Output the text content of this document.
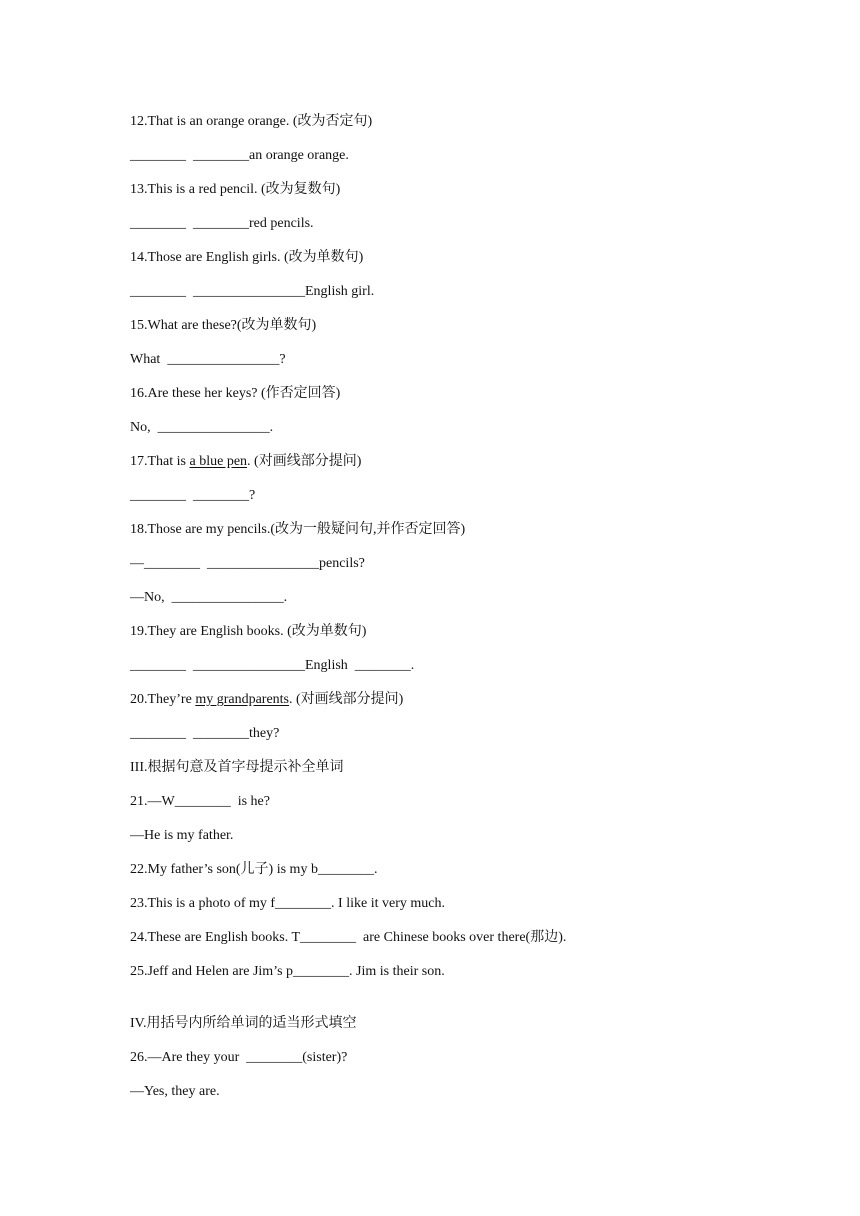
12.That is an orange orange. (改为否定句)
________  ________an orange orange.
13.This is a red pencil. (改为复数句)
________  ________red pencils.
14.Those are English girls. (改为单数句)
________  ________________English girl.
15.What are these?(改为单数句)
What  ________________?
16.Are these her keys? (作否定回答)
No,  ________________.
17.That is a blue pen. (对画线部分提问)
________  ________?
18.Those are my pencils.(改为一般疑问句,并作否定回答)
—________  ________________pencils?
—No,  ________________.
19.They are English books. (改为单数句)
________  ________________English  ________.
20.They’re my grandparents. (对画线部分提问)
________  ________they?
III.根据句意及首字母提示补全单词
21.—W________  is he?
—He is my father.
22.My father’s son(儿子) is my b________.
23.This is a photo of my f________. I like it very much.
24.These are English books. T________  are Chinese books over there(那边).
25.Jeff and Helen are Jim’s p________. Jim is their son.
IV.用括号内所给单词的适当形式填空
26.—Are they your  ________(sister)?
—Yes, they are.
